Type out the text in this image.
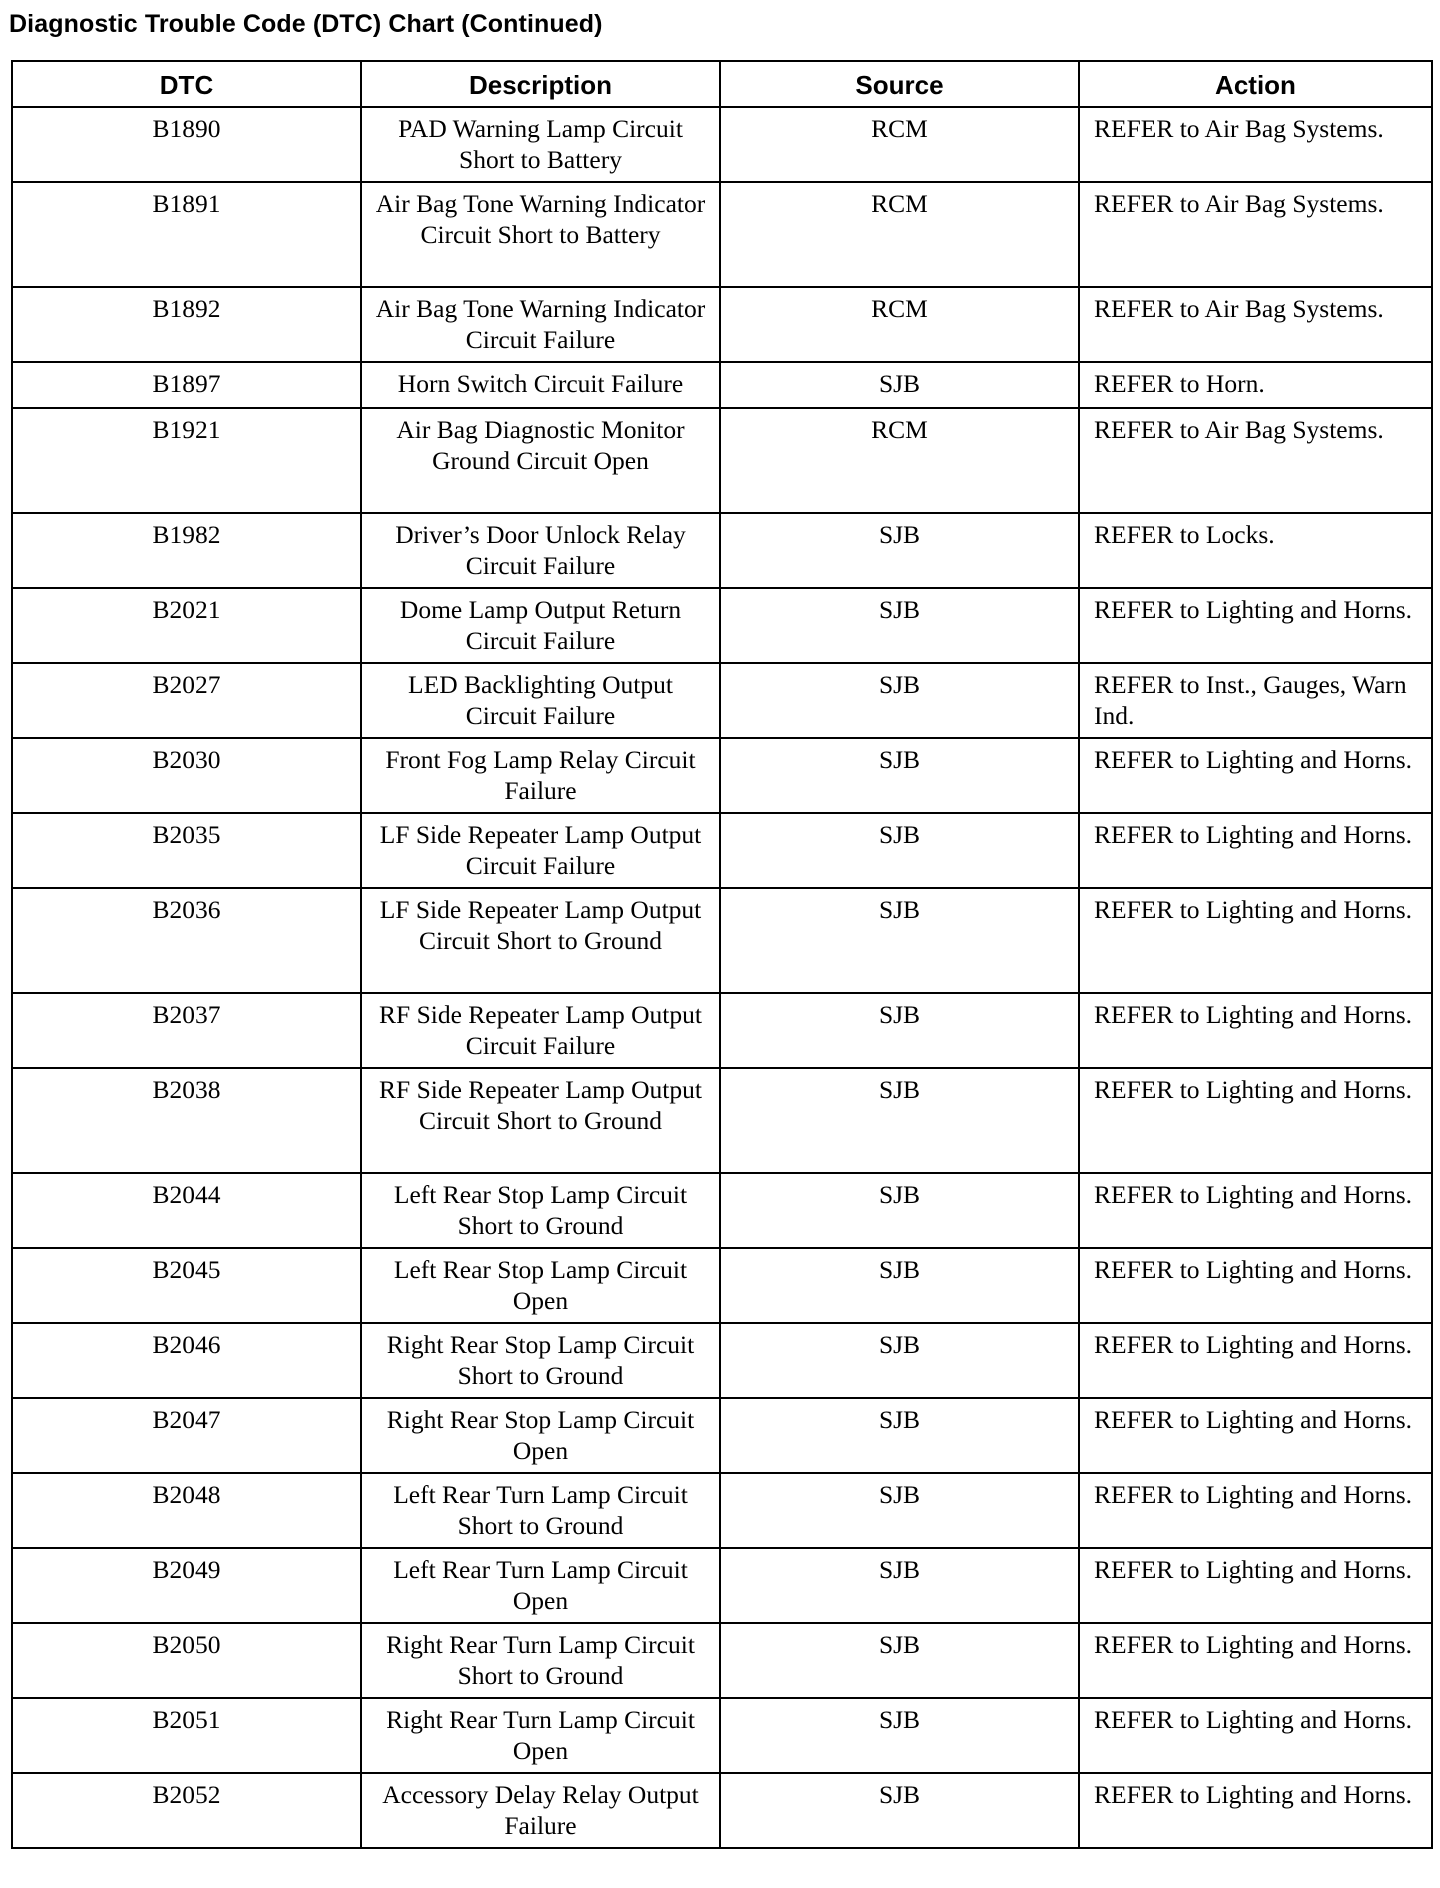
Diagnostic Trouble Code (DTC) Chart (Continued)
DTC	Description	Source	Action
B1890	PAD Warning Lamp Circuit Short to Battery	RCM	REFER to Air Bag Systems.
B1891	Air Bag Tone Warning Indicator Circuit Short to Battery	RCM	REFER to Air Bag Systems.
B1892	Air Bag Tone Warning Indicator Circuit Failure	RCM	REFER to Air Bag Systems.
B1897	Horn Switch Circuit Failure	SJB	REFER to Horn.
B1921	Air Bag Diagnostic Monitor Ground Circuit Open	RCM	REFER to Air Bag Systems.
B1982	Driver’s Door Unlock Relay Circuit Failure	SJB	REFER to Locks.
B2021	Dome Lamp Output Return Circuit Failure	SJB	REFER to Lighting and Horns.
B2027	LED Backlighting Output Circuit Failure	SJB	REFER to Inst., Gauges, Warn Ind.
B2030	Front Fog Lamp Relay Circuit Failure	SJB	REFER to Lighting and Horns.
B2035	LF Side Repeater Lamp Output Circuit Failure	SJB	REFER to Lighting and Horns.
B2036	LF Side Repeater Lamp Output Circuit Short to Ground	SJB	REFER to Lighting and Horns.
B2037	RF Side Repeater Lamp Output Circuit Failure	SJB	REFER to Lighting and Horns.
B2038	RF Side Repeater Lamp Output Circuit Short to Ground	SJB	REFER to Lighting and Horns.
B2044	Left Rear Stop Lamp Circuit Short to Ground	SJB	REFER to Lighting and Horns.
B2045	Left Rear Stop Lamp Circuit Open	SJB	REFER to Lighting and Horns.
B2046	Right Rear Stop Lamp Circuit Short to Ground	SJB	REFER to Lighting and Horns.
B2047	Right Rear Stop Lamp Circuit Open	SJB	REFER to Lighting and Horns.
B2048	Left Rear Turn Lamp Circuit Short to Ground	SJB	REFER to Lighting and Horns.
B2049	Left Rear Turn Lamp Circuit Open	SJB	REFER to Lighting and Horns.
B2050	Right Rear Turn Lamp Circuit Short to Ground	SJB	REFER to Lighting and Horns.
B2051	Right Rear Turn Lamp Circuit Open	SJB	REFER to Lighting and Horns.
B2052	Accessory Delay Relay Output Failure	SJB	REFER to Lighting and Horns.
